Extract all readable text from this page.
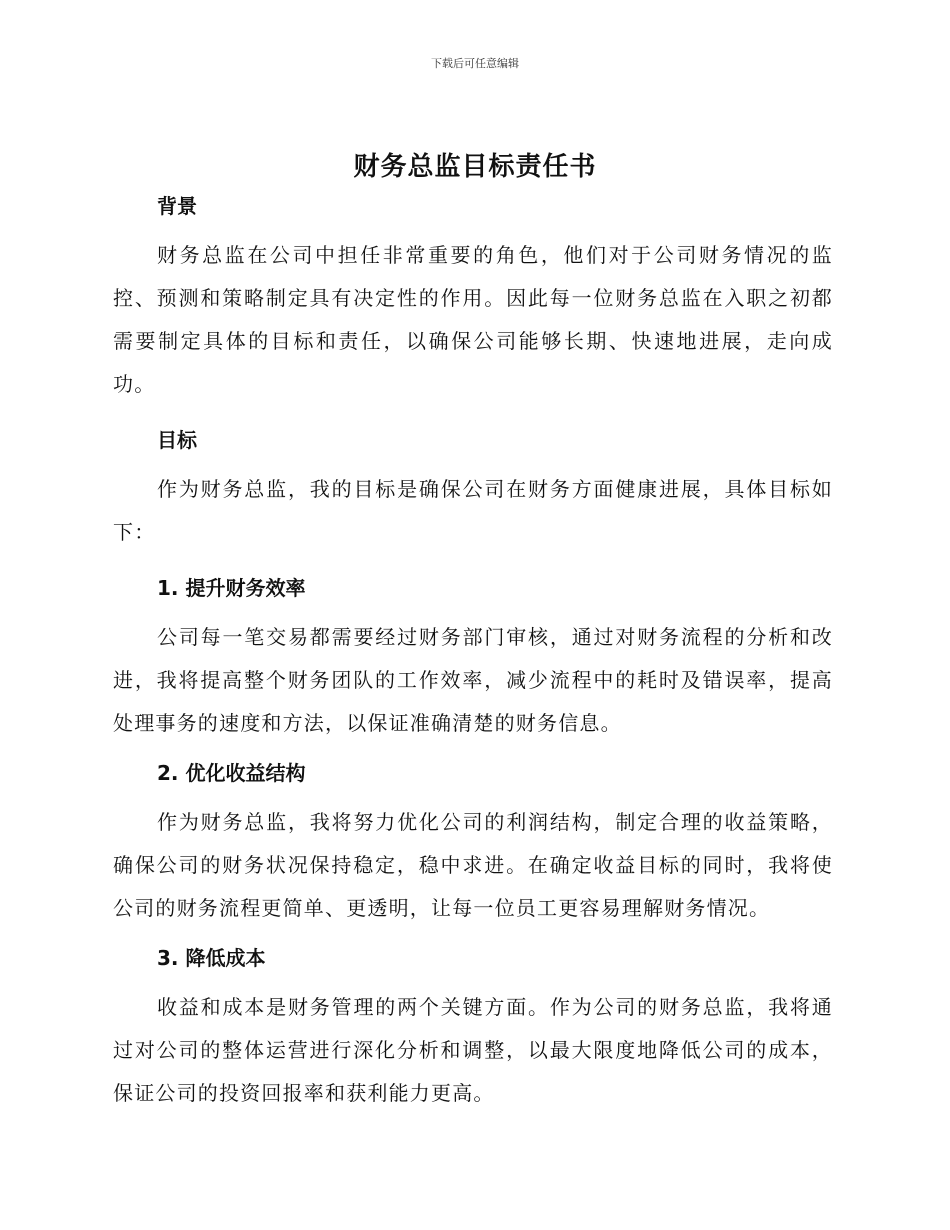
下载后可任意编辑
财务总监目标责任书

背景

财务总监在公司中担任非常重要的角色，他们对于公司财务情况的监控、预测和策略制定具有决定性的作用。因此每一位财务总监在入职之初都需要制定具体的目标和责任，以确保公司能够长期、快速地进展，走向成功。

目标

作为财务总监，我的目标是确保公司在财务方面健康进展，具体目标如下：

1. 提升财务效率

公司每一笔交易都需要经过财务部门审核，通过对财务流程的分析和改进，我将提高整个财务团队的工作效率，减少流程中的耗时及错误率，提高处理事务的速度和方法，以保证准确清楚的财务信息。

2. 优化收益结构

作为财务总监，我将努力优化公司的利润结构，制定合理的收益策略，确保公司的财务状况保持稳定，稳中求进。在确定收益目标的同时，我将使公司的财务流程更简单、更透明，让每一位员工更容易理解财务情况。

3. 降低成本

收益和成本是财务管理的两个关键方面。作为公司的财务总监，我将通过对公司的整体运营进行深化分析和调整，以最大限度地降低公司的成本，保证公司的投资回报率和获利能力更高。
